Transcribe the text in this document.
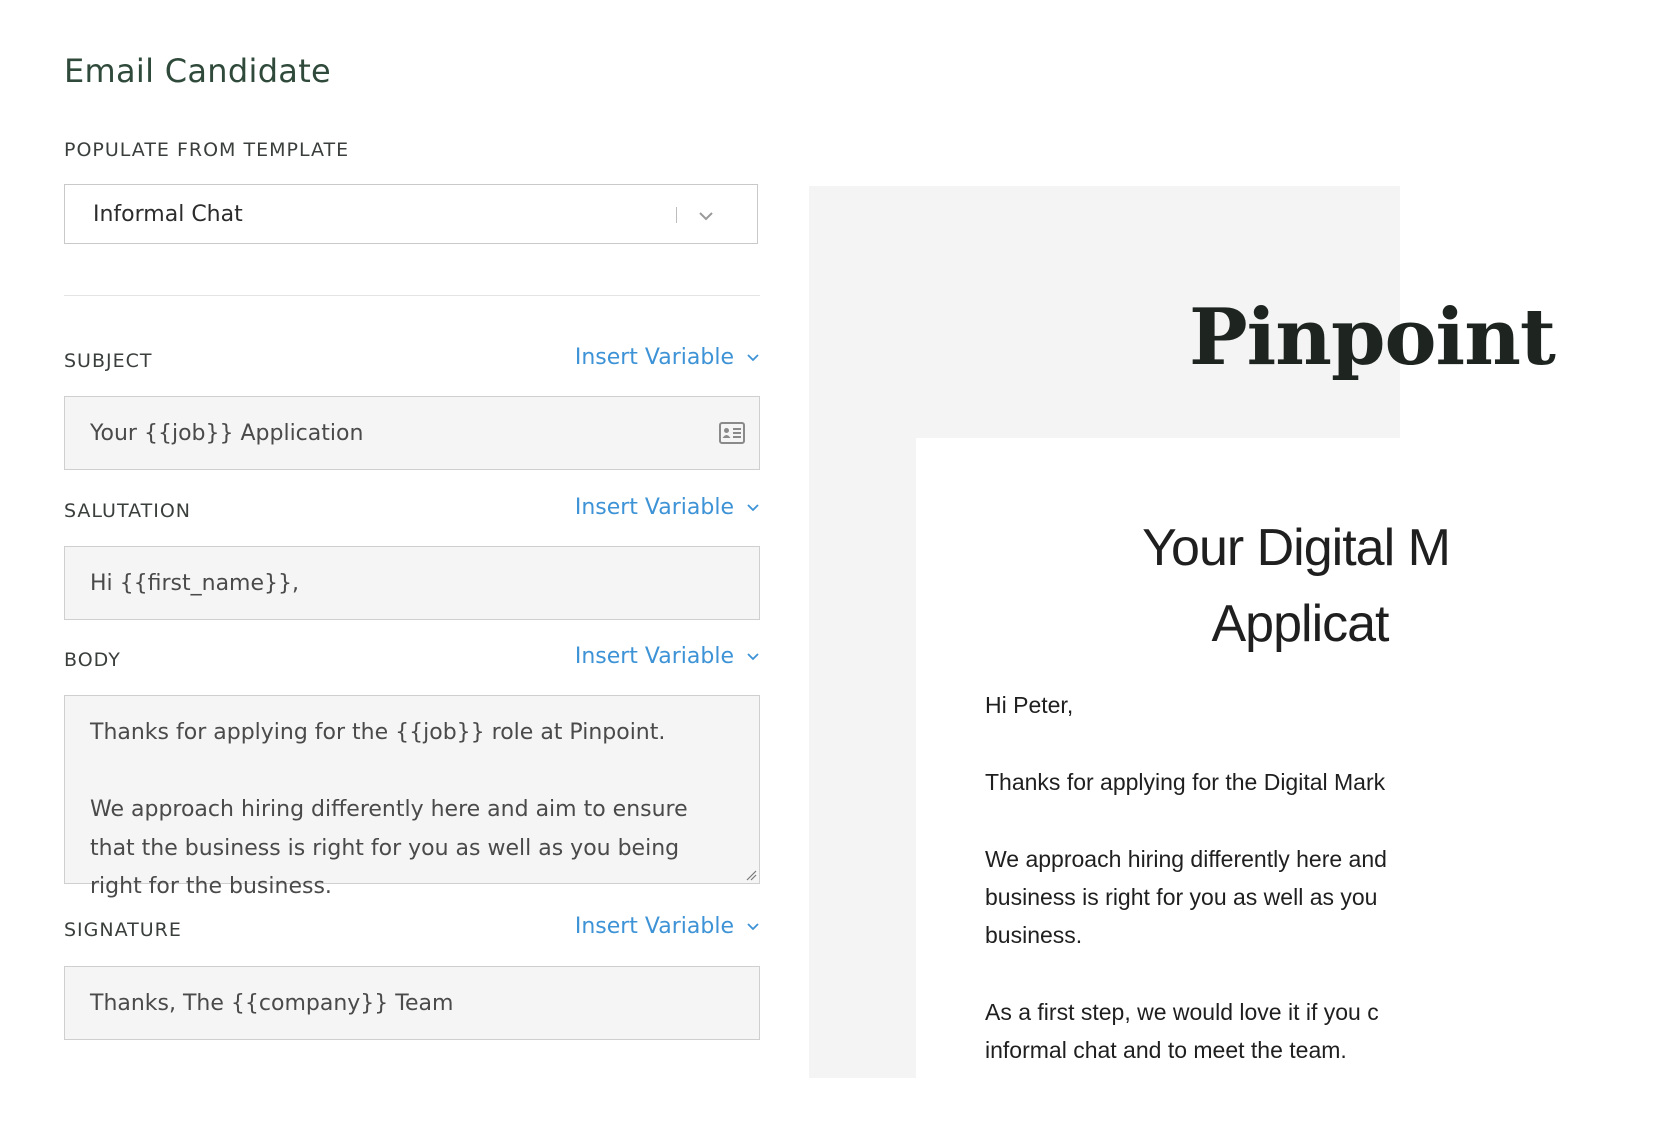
Email Candidate
POPULATE FROM TEMPLATE
Informal Chat
SUBJECT	Insert Variable
Your {{job}} Application
SALUTATION	Insert Variable
Hi {{first_name}},
BODY	Insert Variable

Thanks for applying for the {{job}} role at Pinpoint.

We approach hiring differently here and aim to ensure that the business is right for you as well as you being right for the business.

SIGNATURE	Insert Variable
Thanks, The {{company}} Team
Pinpoint
Your Digital M
Applicat

Hi Peter,

Thanks for applying for the Digital Mark

We approach hiring differently here and
business is right for you as well as you
business.

As a first step, we would love it if you c
informal chat and to meet the team.
